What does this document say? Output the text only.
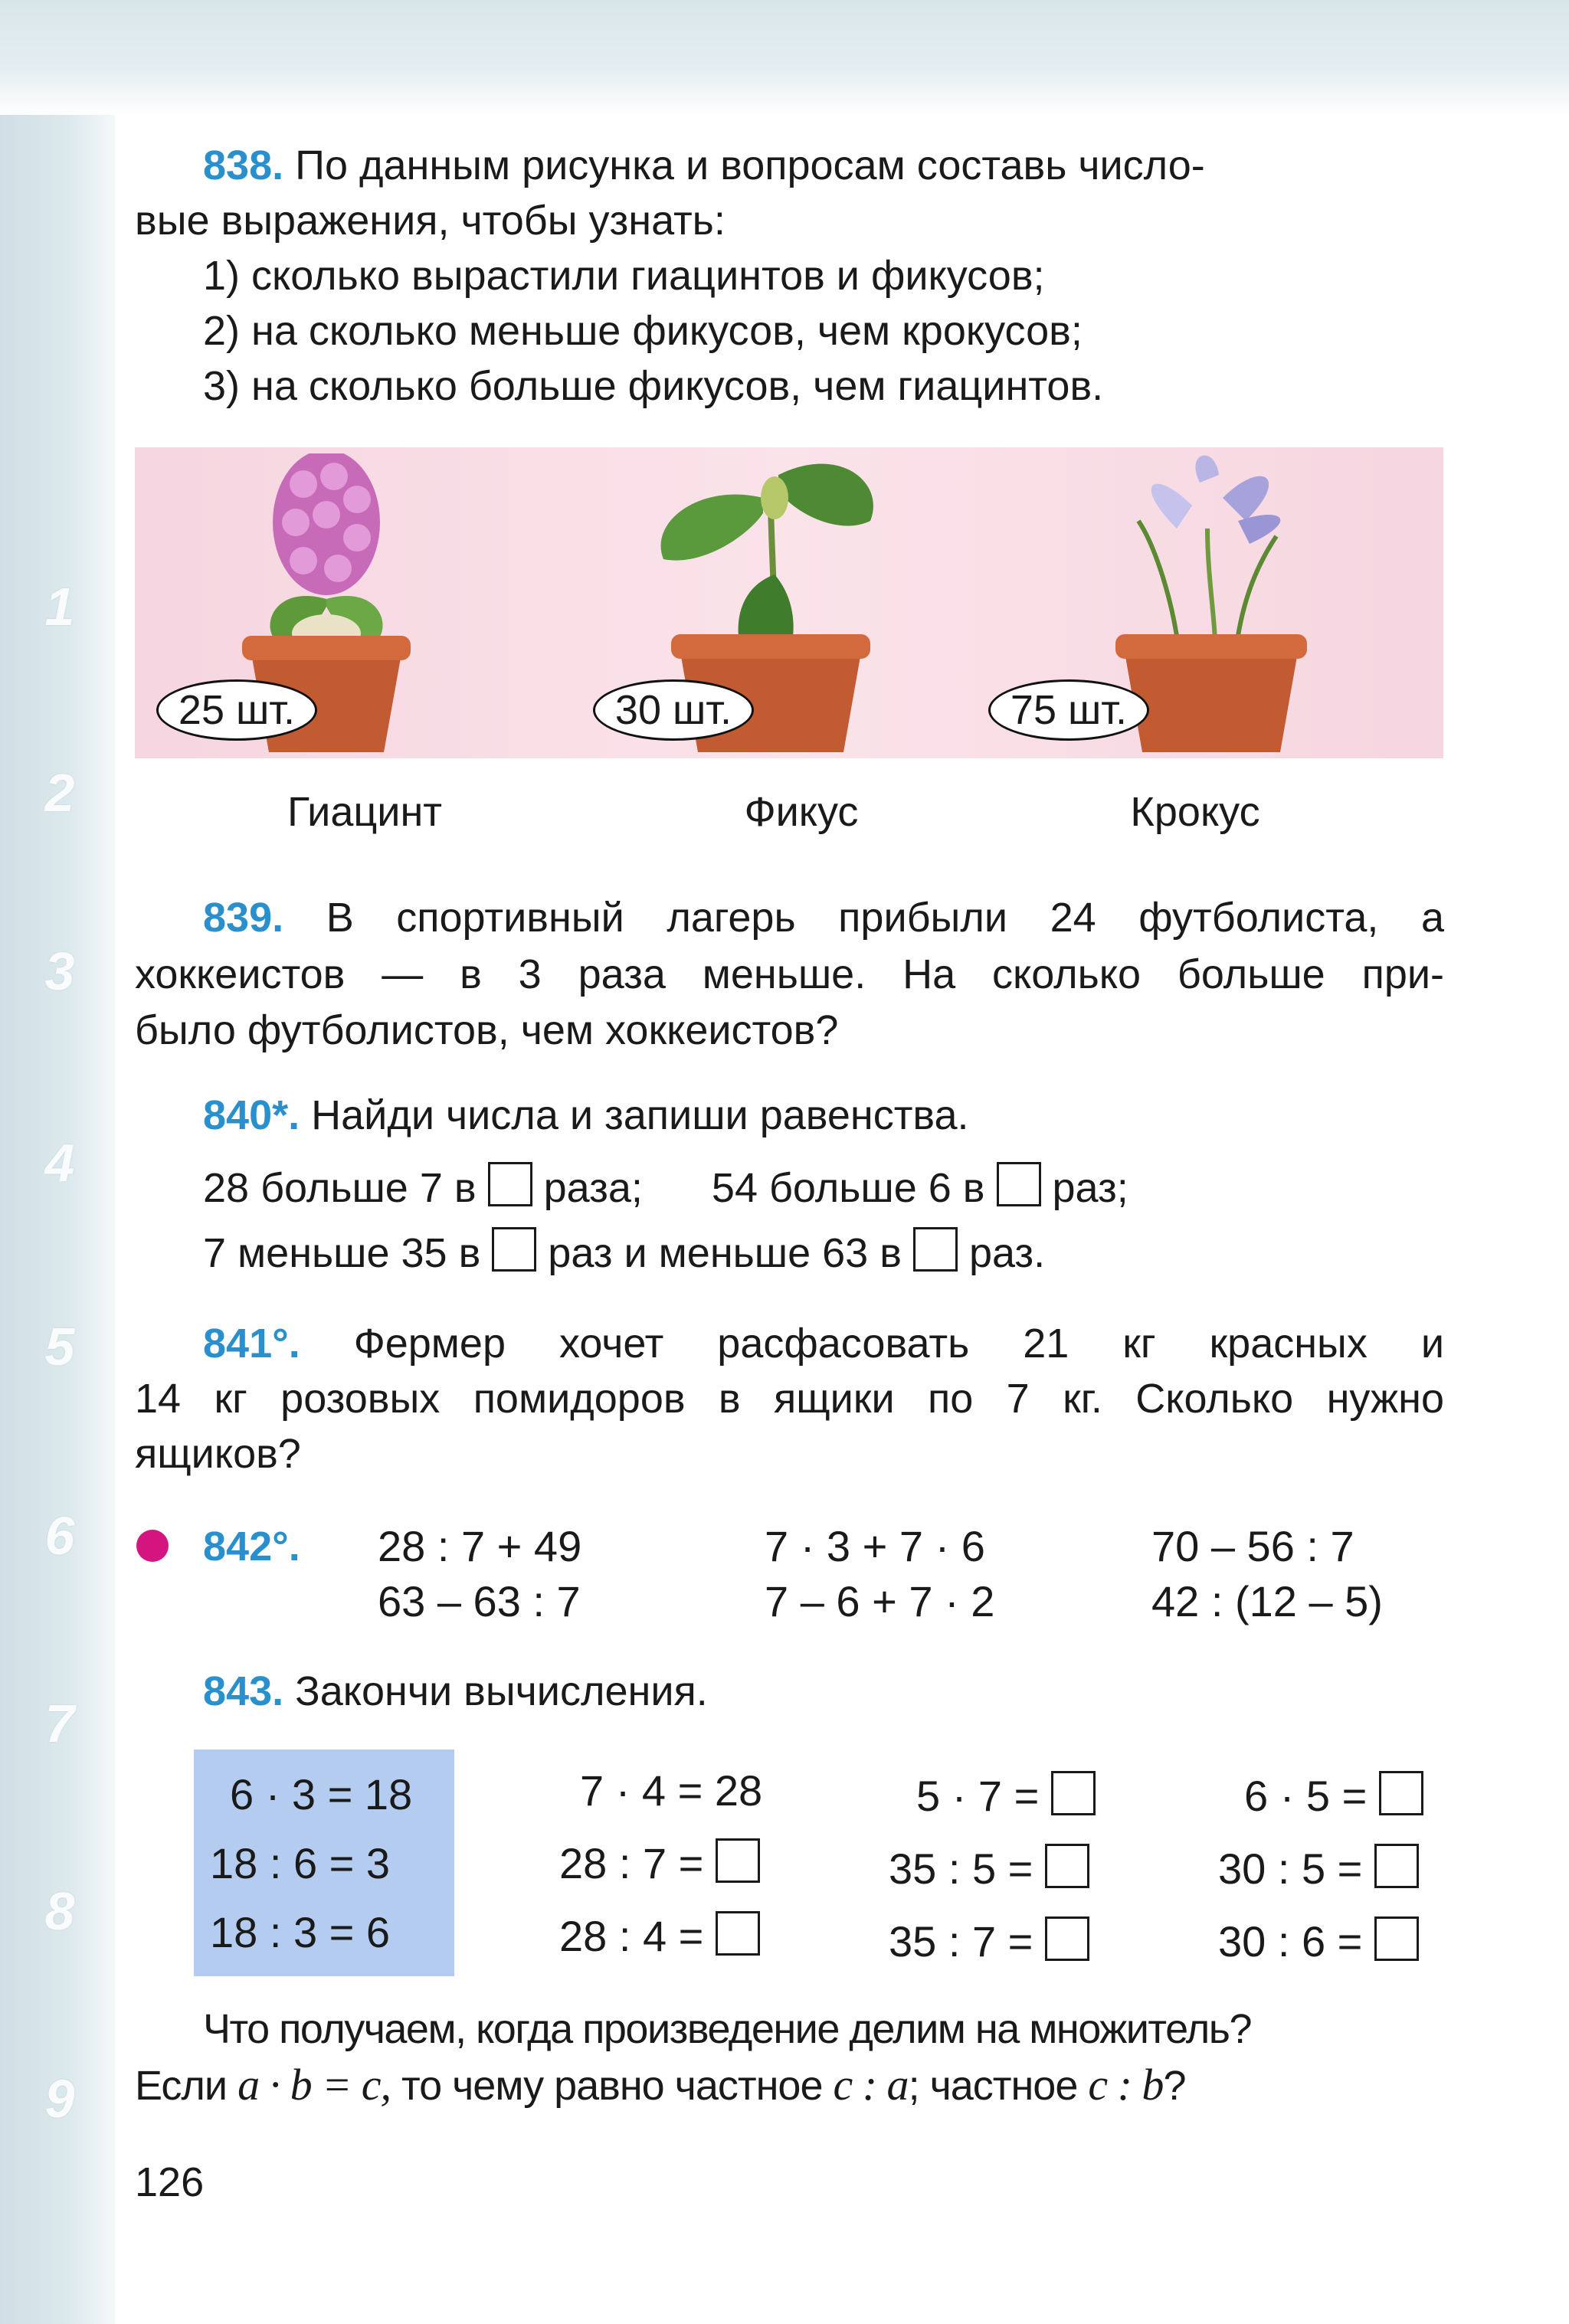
1
2
3
4
5
6
7
8
9
838. По данным рисунка и вопросам составь число-
вые выражения, чтобы узнать:
1) сколько вырастили гиацинтов и фикусов;
2) на сколько меньше фикусов, чем крокусов;
3) на сколько больше фикусов, чем гиацинтов.
25 шт.	30 шт.	75 шт.
Гиацинт	Фикус	Крокус
839. В спортивный лагерь прибыли 24 футболиста, а
хоккеистов — в 3 раза меньше. На сколько больше при-
было футболистов, чем хоккеистов?
840*. Найди числа и запиши равенства.
28 больше 7 в раза; 54 больше 6 в раз;
7 меньше 35 в раз и меньше 63 в раз.
841°. Фермер хочет расфасовать 21 кг красных и
14 кг розовых помидоров в ящики по 7 кг. Сколько нужно
ящиков?
842°. 28 : 7 + 49	7 · 3 + 7 · 6	70 – 56 : 7
63 – 63 : 7	7 – 6 + 7 · 2	42 : (12 – 5)
843. Закончи вычисления.
6 · 3 = 18
18 : 6 = 3
18 : 3 = 6
7 · 4 = 28
28 : 7 =
28 : 4 =
5 · 7 =
35 : 5 =
35 : 7 =
6 · 5 =
30 : 5 =
30 : 6 =
Что получаем, когда произведение делим на множитель?
Если a · b = c, то чему равно частное c : a; частное c : b?
126
